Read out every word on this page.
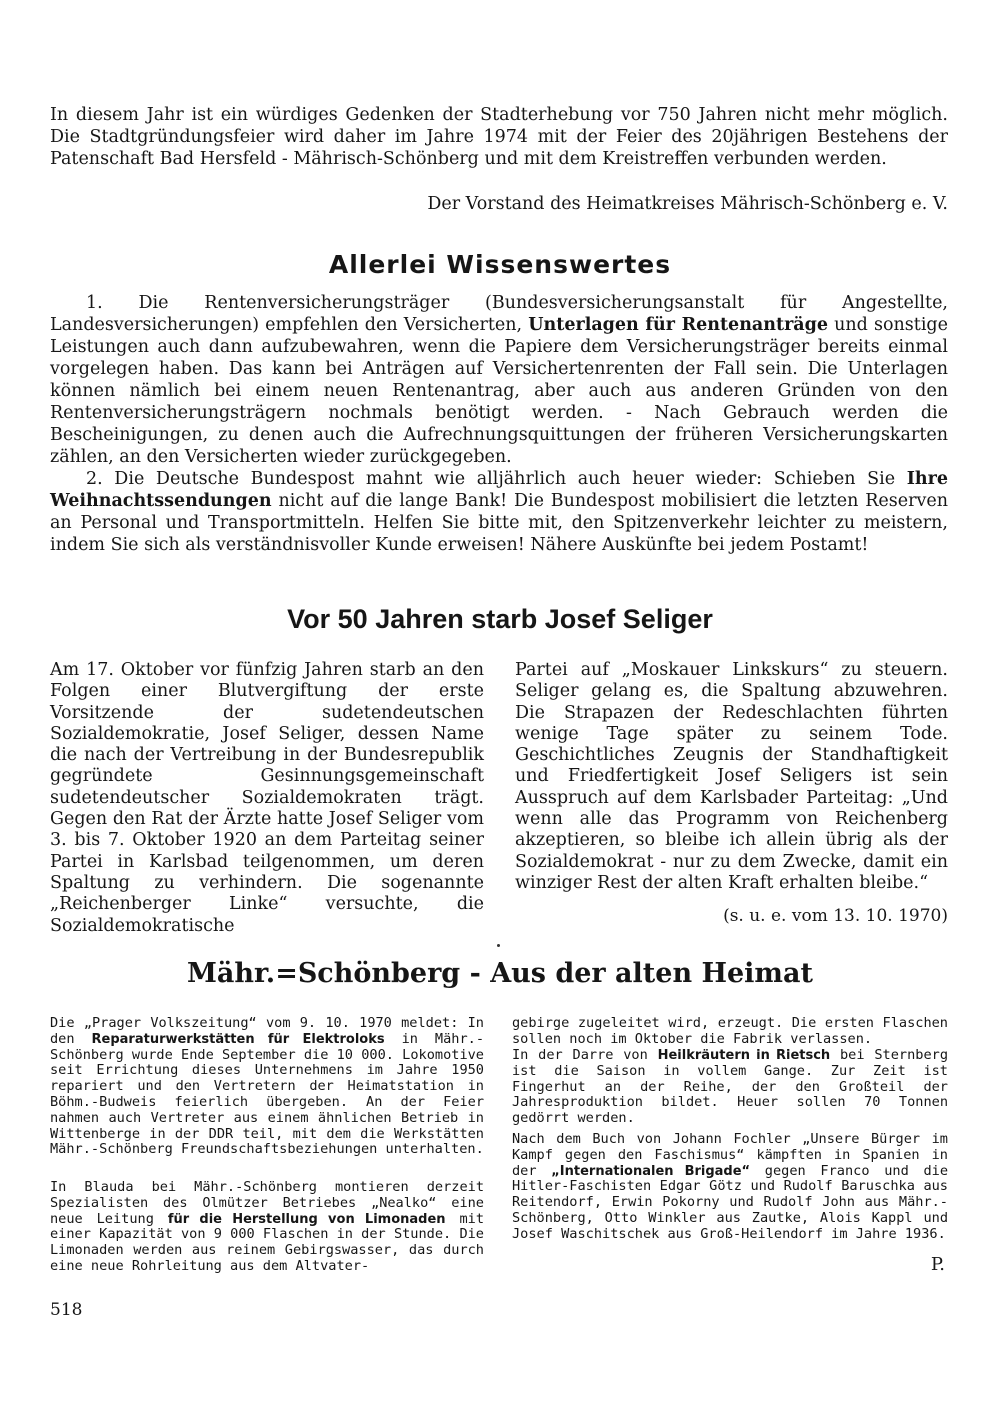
In diesem Jahr ist ein würdiges Gedenken der Stadterhebung vor 750 Jahren nicht mehr möglich. Die Stadtgründungsfeier wird daher im Jahre 1974 mit der Feier des 20jährigen Bestehens der Patenschaft Bad Hersfeld - Mährisch-Schönberg und mit dem Kreistreffen verbunden werden.

Der Vorstand des Heimatkreises Mährisch-Schönberg e. V.
Allerlei Wissenswertes

1. Die Rentenversicherungsträger (Bundesversicherungsanstalt für Angestellte, Landesversicherungen) empfehlen den Versicherten, Unterlagen für Rentenanträge und sonstige Leistungen auch dann aufzubewahren, wenn die Papiere dem Versicherungsträger bereits einmal vorgelegen haben. Das kann bei Anträgen auf Versichertenrenten der Fall sein. Die Unterlagen können nämlich bei einem neuen Rentenantrag, aber auch aus anderen Gründen von den Rentenversicherungsträgern nochmals benötigt werden. - Nach Gebrauch werden die Bescheinigungen, zu denen auch die Aufrechnungsquittungen der früheren Versicherungskarten zählen, an den Versicherten wieder zurückgegeben.

2. Die Deutsche Bundespost mahnt wie alljährlich auch heuer wieder: Schieben Sie Ihre Weihnachtssendungen nicht auf die lange Bank! Die Bundespost mobilisiert die letzten Reserven an Personal und Transportmitteln. Helfen Sie bitte mit, den Spitzenverkehr leichter zu meistern, indem Sie sich als verständnisvoller Kunde erweisen! Nähere Auskünfte bei jedem Postamt!

Vor 50 Jahren starb Josef Seliger

Am 17. Oktober vor fünfzig Jahren starb an den Folgen einer Blutvergiftung der erste Vorsitzende der sudetendeutschen Sozialdemokratie, Josef Seliger, dessen Name die nach der Vertreibung in der Bundesrepublik gegründete Gesinnungsgemeinschaft sudetendeutscher Sozialdemokraten trägt. Gegen den Rat der Ärzte hatte Josef Seliger vom 3. bis 7. Oktober 1920 an dem Parteitag seiner Partei in Karlsbad teilgenommen, um deren Spaltung zu verhindern. Die sogenannte „Reichenberger Linke“ versuchte, die Sozialdemokratische

Partei auf „Moskauer Linkskurs“ zu steuern. Seliger gelang es, die Spaltung abzuwehren. Die Strapazen der Redeschlachten führten wenige Tage später zu seinem Tode. Geschichtliches Zeugnis der Standhaftigkeit und Friedfertigkeit Josef Seligers ist sein Ausspruch auf dem Karlsbader Parteitag: „Und wenn alle das Programm von Reichenberg akzeptieren, so bleibe ich allein übrig als der Sozialdemokrat - nur zu dem Zwecke, damit ein winziger Rest der alten Kraft erhalten bleibe.“

(s. u. e. vom 13. 10. 1970)
Mähr.=Schönberg - Aus der alten Heimat

Die „Prager Volkszeitung“ vom 9. 10. 1970 meldet: In den Reparaturwerkstätten für Elektroloks in Mähr.-Schönberg wurde Ende September die 10 000. Lokomotive seit Errichtung dieses Unternehmens im Jahre 1950 repariert und den Vertretern der Heimatstation in Böhm.-Budweis feierlich übergeben. An der Feier nahmen auch Vertreter aus einem ähnlichen Betrieb in Wittenberge in der DDR teil, mit dem die Werkstätten Mähr.-Schönberg Freundschaftsbeziehungen unterhalten.

In Blauda bei Mähr.-Schönberg montieren derzeit Spezialisten des Olmützer Betriebes „Nealko“ eine neue Leitung für die Herstellung von Limonaden mit einer Kapazität von 9 000 Flaschen in der Stunde. Die Limonaden werden aus reinem Gebirgswasser, das durch eine neue Rohrleitung aus dem Altvater-

gebirge zugeleitet wird, erzeugt. Die ersten Flaschen sollen noch im Oktober die Fabrik verlassen.

In der Darre von Heilkräutern in Rietsch bei Sternberg ist die Saison in vollem Gange. Zur Zeit ist Fingerhut an der Reihe, der den Großteil der Jahresproduktion bildet. Heuer sollen 70 Tonnen gedörrt werden.

Nach dem Buch von Johann Fochler „Unsere Bürger im Kampf gegen den Faschismus“ kämpften in Spanien in der „Internationalen Brigade“ gegen Franco und die Hitler-Faschisten Edgar Götz und Rudolf Baruschka aus Reitendorf, Erwin Pokorny und Rudolf John aus Mähr.-Schönberg, Otto Winkler aus Zautke, Alois Kappl und Josef Waschitschek aus Groß-Heilendorf im Jahre 1936.

P.
518
